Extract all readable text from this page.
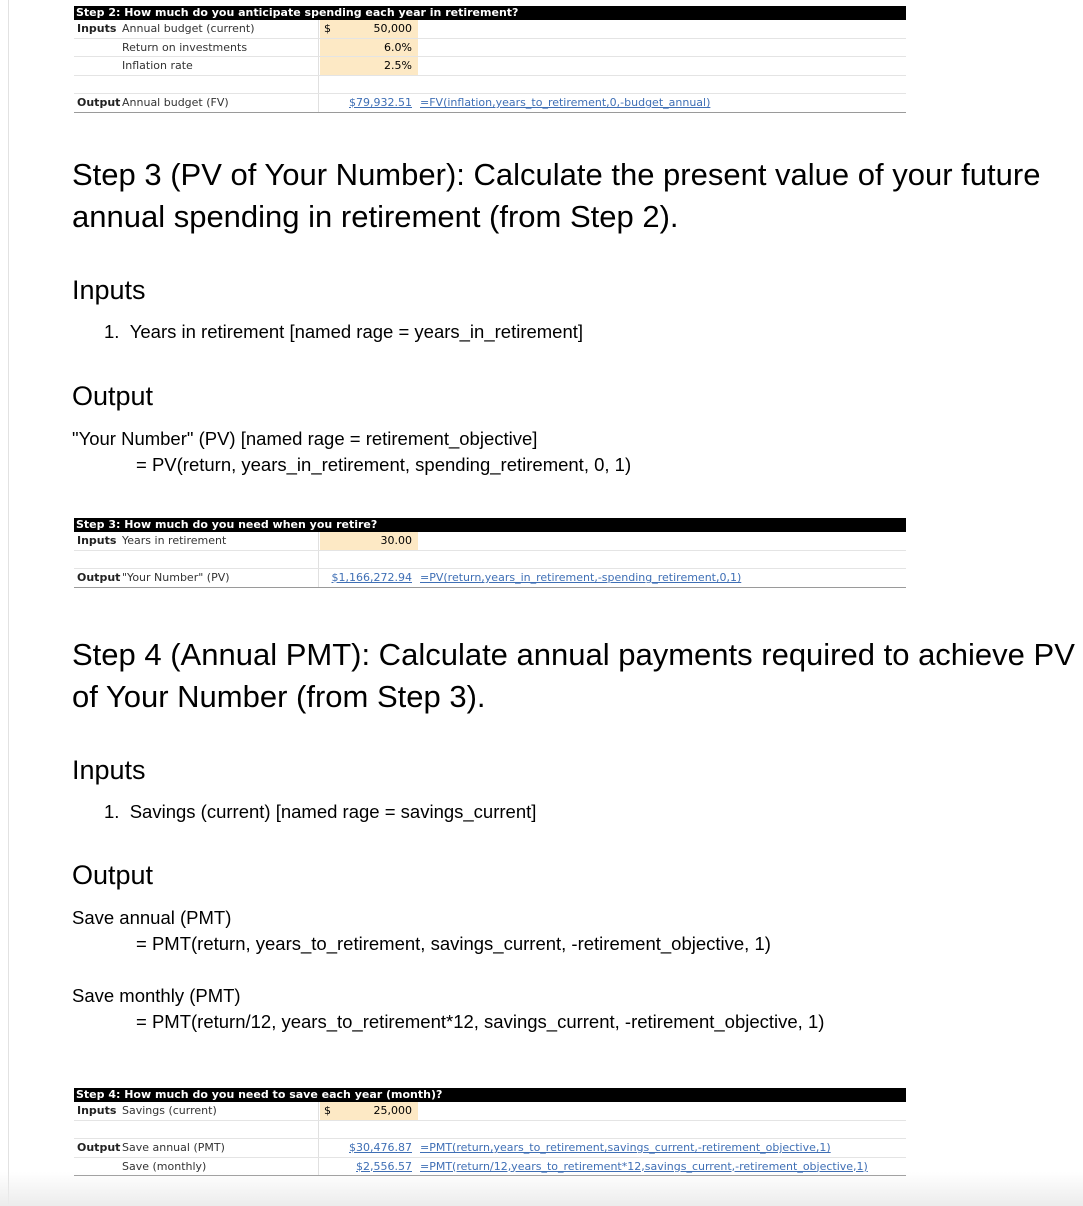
Step 2: How much do you anticipate spending each year in retirement?
Inputs Annual budget (current)	$	50,000
Return on investments	6.0%
Inflation rate	2.5%
Output Annual budget (FV)	$79,932.51 =FV(inflation,years_to_retirement,0,-budget_annual)
Step 3 (PV of Your Number): Calculate the present value of your future annual spending in retirement (from Step 2).
Inputs
1. Years in retirement [named rage = years_in_retirement]
Output
"Your Number" (PV) [named rage = retirement_objective]
= PV(return, years_in_retirement, spending_retirement, 0, 1)
Step 3: How much do you need when you retire?
Inputs Years in retirement	30.00
Output "Your Number" (PV)	$1,166,272.94 =PV(return,years_in_retirement,-spending_retirement,0,1)
Step 4 (Annual PMT): Calculate annual payments required to achieve PV of Your Number (from Step 3).
Inputs
1. Savings (current) [named rage = savings_current]
Output
Save annual (PMT)
= PMT(return, years_to_retirement, savings_current, -retirement_objective, 1)
Save monthly (PMT)
= PMT(return/12, years_to_retirement*12, savings_current, -retirement_objective, 1)
Step 4: How much do you need to save each year (month)?
Inputs Savings (current)	$	25,000
Output Save annual (PMT)	$30,476.87 =PMT(return,years_to_retirement,savings_current,-retirement_objective,1)
Save (monthly)	$2,556.57 =PMT(return/12,years_to_retirement*12,savings_current,-retirement_objective,1)
